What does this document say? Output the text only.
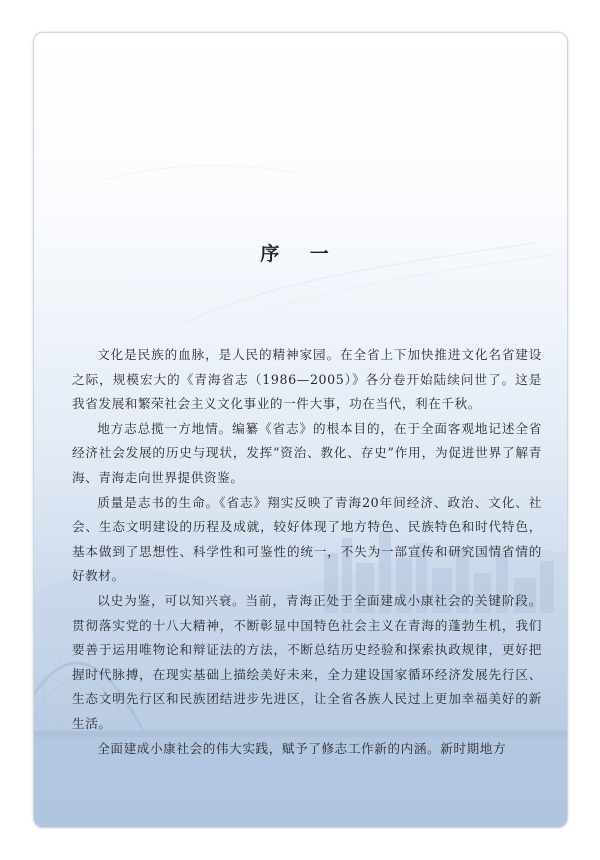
序 一

文化是民族的血脉，是人民的精神家园。在全省上下加快推进文化名省建设之际，规模宏大的《青海省志（1986—2005）》各分卷开始陆续问世了。这是我省发展和繁荣社会主义文化事业的一件大事，功在当代，利在千秋。

地方志总揽一方地情。编纂《省志》的根本目的，在于全面客观地记述全省经济社会发展的历史与现状，发挥“资治、教化、存史”作用，为促进世界了解青海、青海走向世界提供资鉴。

质量是志书的生命。《省志》翔实反映了青海20年间经济、政治、文化、社会、生态文明建设的历程及成就，较好体现了地方特色、民族特色和时代特色，基本做到了思想性、科学性和可鉴性的统一，不失为一部宣传和研究国情省情的好教材。

以史为鉴，可以知兴衰。当前，青海正处于全面建成小康社会的关键阶段。贯彻落实党的十八大精神，不断彰显中国特色社会主义在青海的蓬勃生机，我们要善于运用唯物论和辩证法的方法，不断总结历史经验和探索执政规律，更好把握时代脉搏，在现实基础上描绘美好未来，全力建设国家循环经济发展先行区、生态文明先行区和民族团结进步先进区，让全省各族人民过上更加幸福美好的新生活。

全面建成小康社会的伟大实践，赋予了修志工作新的内涵。新时期地方
